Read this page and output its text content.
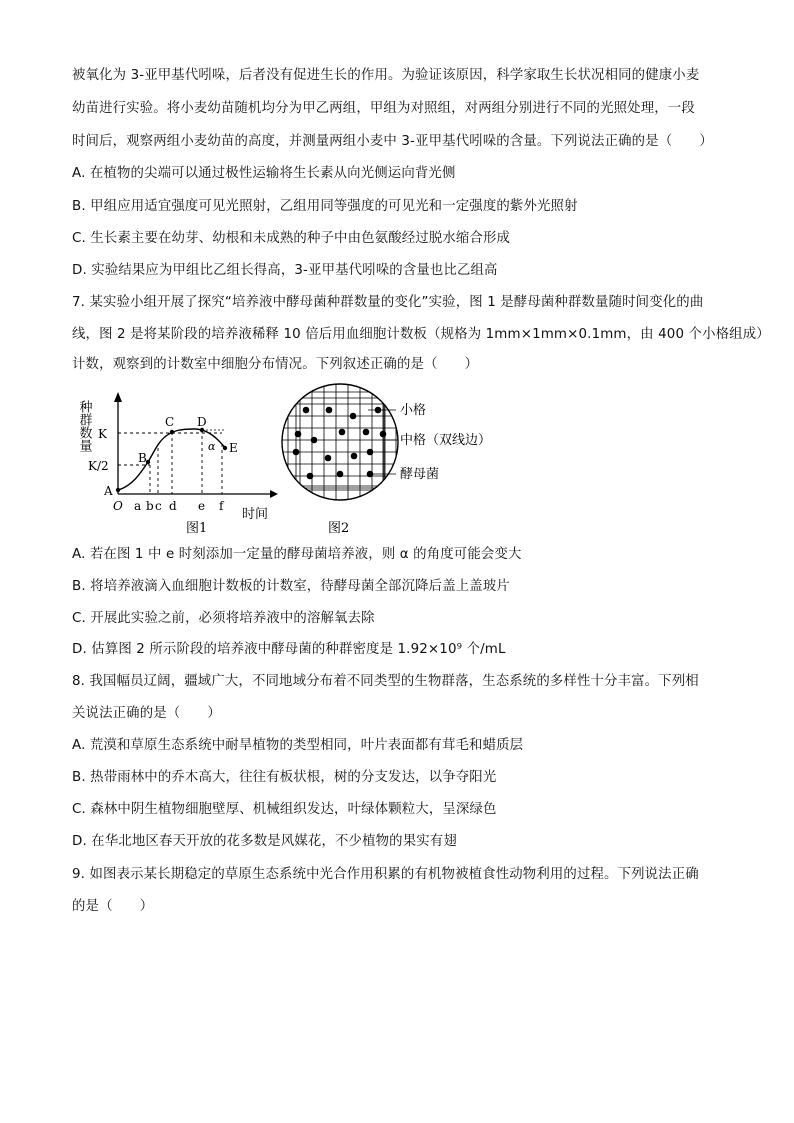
被氧化为 3-亚甲基代吲哚，后者没有促进生长的作用。为验证该原因，科学家取生长状况相同的健康小麦
幼苗进行实验。将小麦幼苗随机均分为甲乙两组，甲组为对照组，对两组分别进行不同的光照处理，一段
时间后，观察两组小麦幼苗的高度，并测量两组小麦中 3-亚甲基代吲哚的含量。下列说法正确的是（　　）
A. 在植物的尖端可以通过极性运输将生长素从向光侧运向背光侧
B. 甲组应用适宜强度可见光照射，乙组用同等强度的可见光和一定强度的紫外光照射
C. 生长素主要在幼芽、幼根和未成熟的种子中由色氨酸经过脱水缩合形成
D. 实验结果应为甲组比乙组长得高，3-亚甲基代吲哚的含量也比乙组高
7. 某实验小组开展了探究“培养液中酵母菌种群数量的变化”实验，图 1 是酵母菌种群数量随时间变化的曲
线，图 2 是将某阶段的培养液稀释 10 倍后用血细胞计数板（规格为 1mm×1mm×0.1mm，由 400 个小格组成）
计数，观察到的计数室中细胞分布情况。下列叙述正确的是（　　）
种群数量 K
K/2
A
B
C D
E
α
O a b c d e f
时间
图1
小格
中格（双线边）
酵母菌
图2
A. 若在图 1 中 e 时刻添加一定量的酵母菌培养液，则 α 的角度可能会变大
B. 将培养液滴入血细胞计数板的计数室，待酵母菌全部沉降后盖上盖玻片
C. 开展此实验之前，必须将培养液中的溶解氧去除
D. 估算图 2 所示阶段的培养液中酵母菌的种群密度是 1.92×10⁹ 个/mL
8. 我国幅员辽阔，疆域广大，不同地域分布着不同类型的生物群落，生态系统的多样性十分丰富。下列相
关说法正确的是（　　）
A. 荒漠和草原生态系统中耐旱植物的类型相同，叶片表面都有茸毛和蜡质层
B. 热带雨林中的乔木高大，往往有板状根，树的分支发达，以争夺阳光
C. 森林中阴生植物细胞壁厚、机械组织发达，叶绿体颗粒大，呈深绿色
D. 在华北地区春天开放的花多数是风媒花，不少植物的果实有翅
9. 如图表示某长期稳定的草原生态系统中光合作用积累的有机物被植食性动物利用的过程。下列说法正确
的是（　　）
